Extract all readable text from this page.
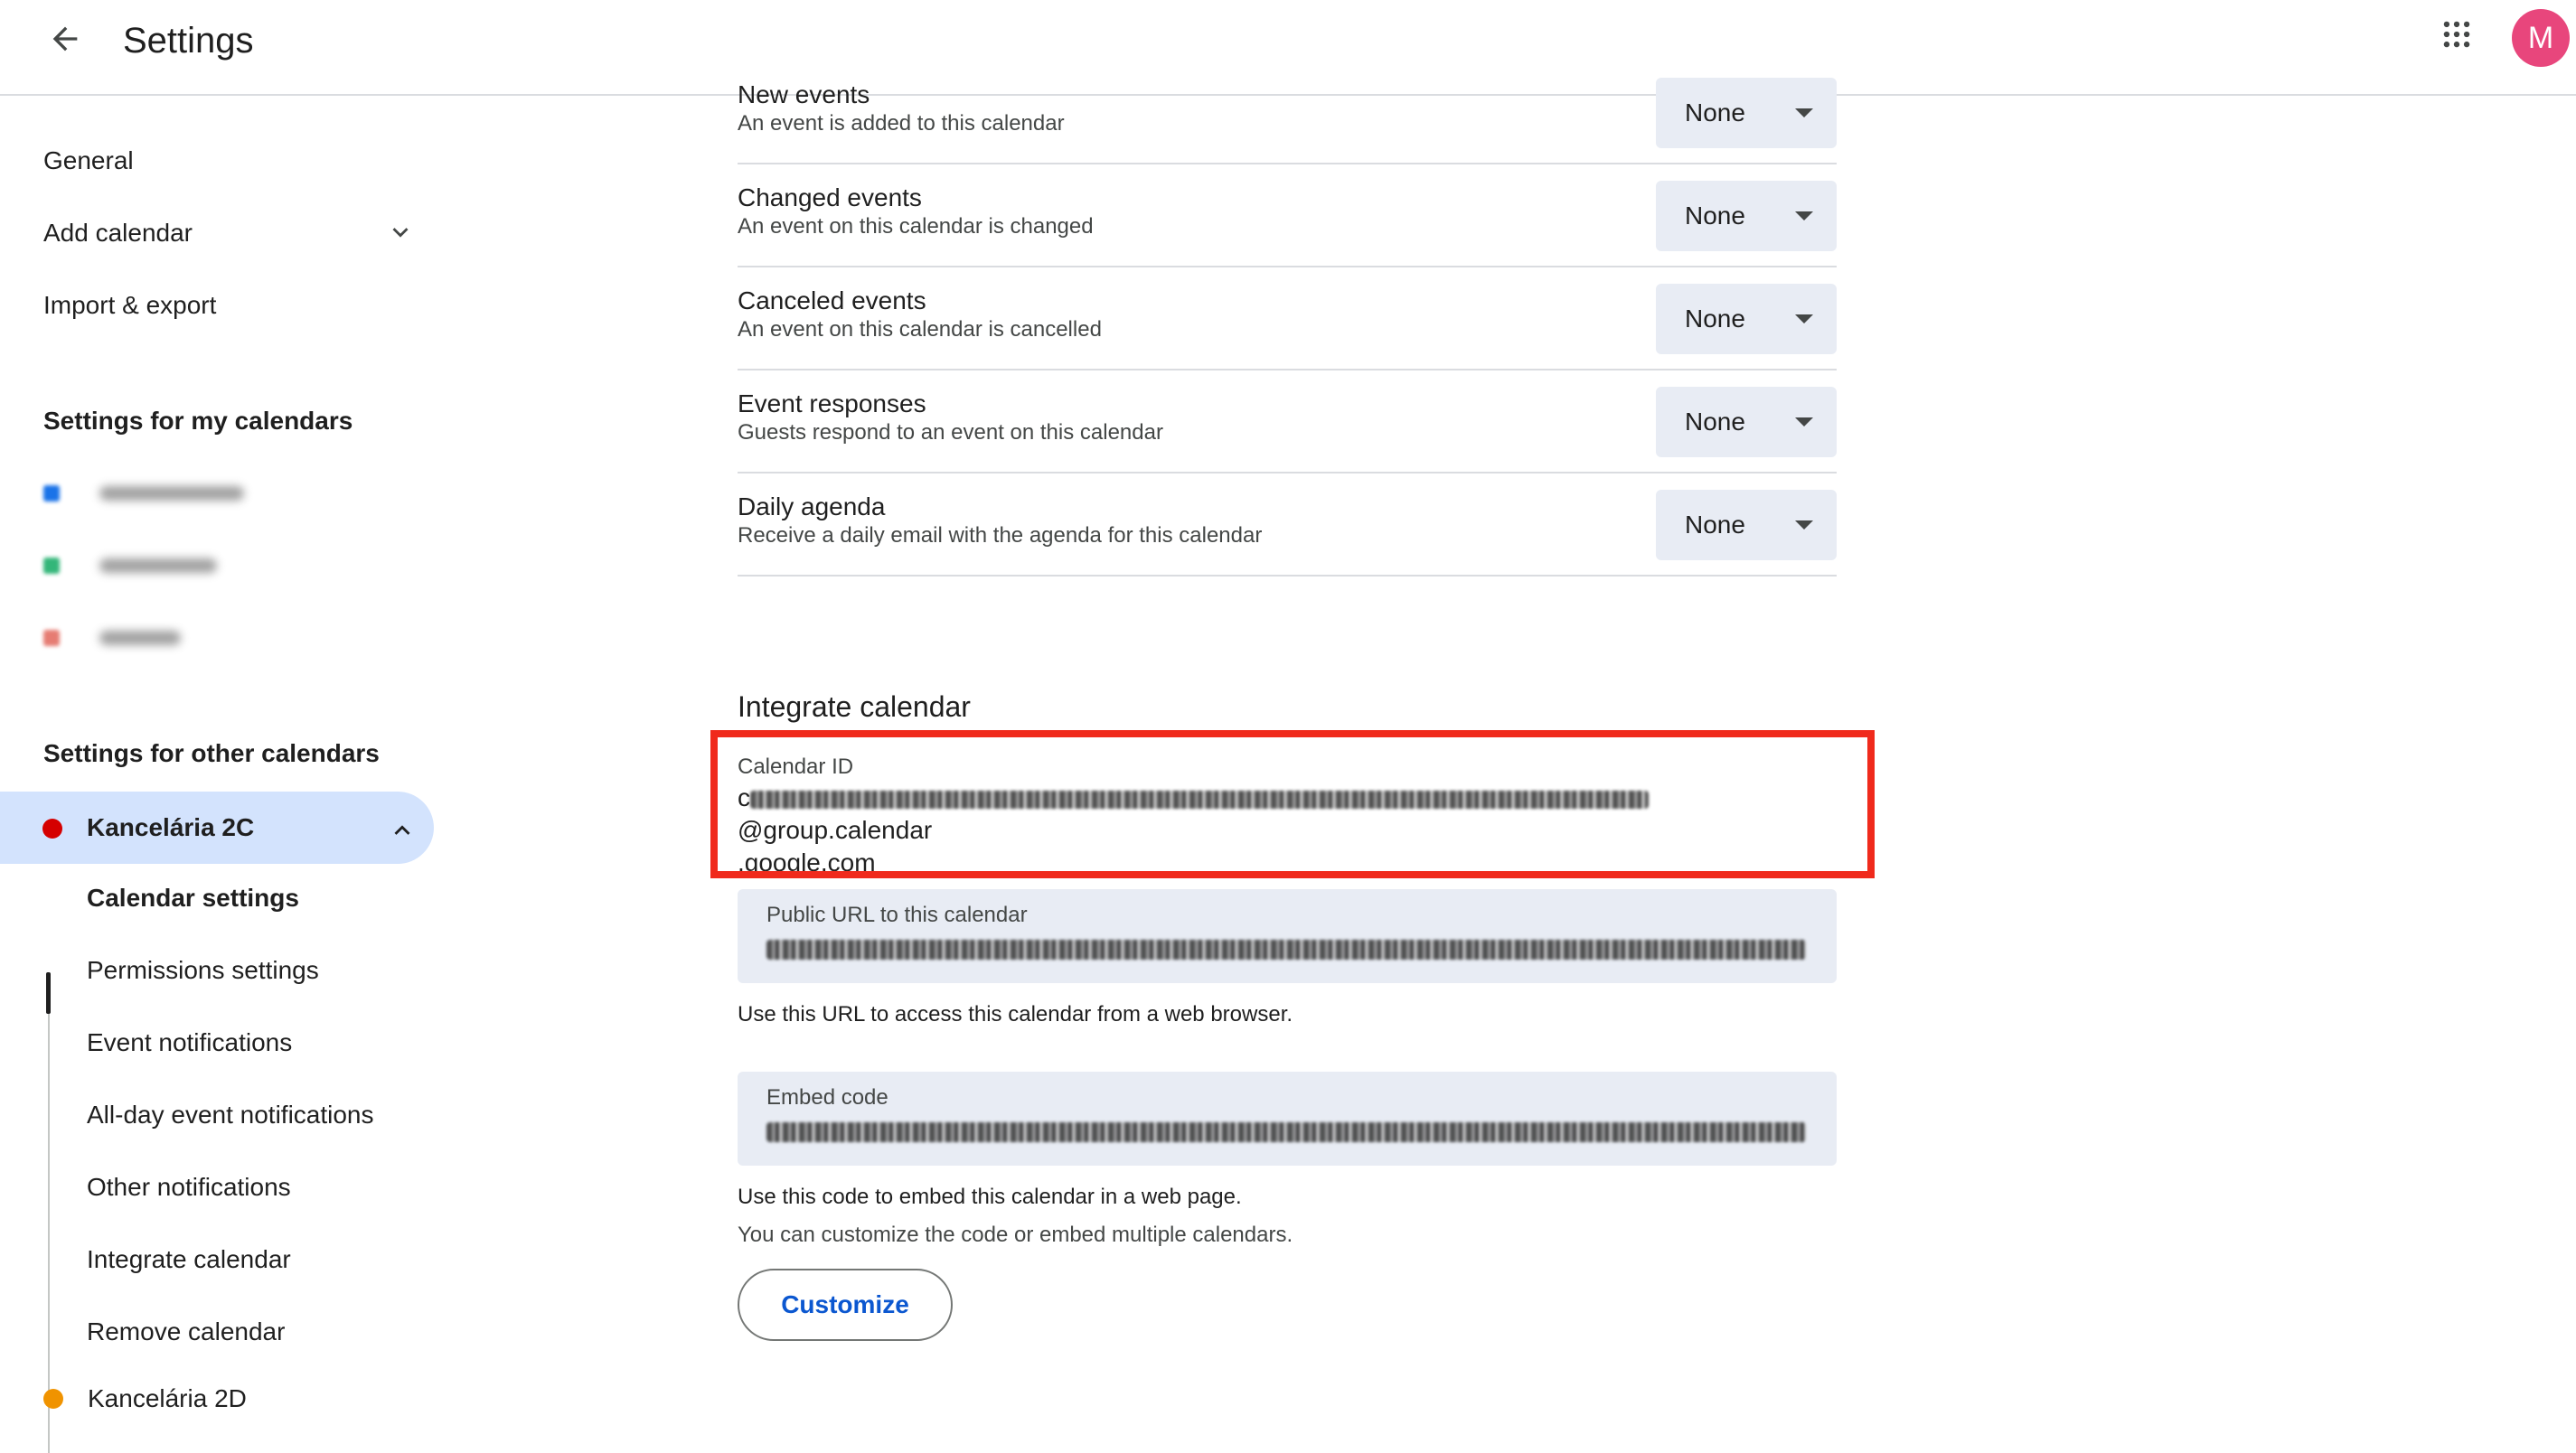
Settings	M
General
Add calendar
Import & export
Settings for my calendars
Settings for other calendars
Kancelária 2C
Calendar settings
Permissions settings
Event notifications
All-day event notifications
Other notifications
Integrate calendar
Remove calendar
Kancelária 2D
New events
An event is added to this calendar	None
Changed events
An event on this calendar is changed	None
Canceled events
An event on this calendar is cancelled	None
Event responses
Guests respond to an event on this calendar	None
Daily agenda
Receive a daily email with the agenda for this calendar	None
Integrate calendar
Calendar ID
c@group.calendar
.google.com
Public URL to this calendar
Use this URL to access this calendar from a web browser.
Embed code
Use this code to embed this calendar in a web page.
You can customize the code or embed multiple calendars.
Customize
